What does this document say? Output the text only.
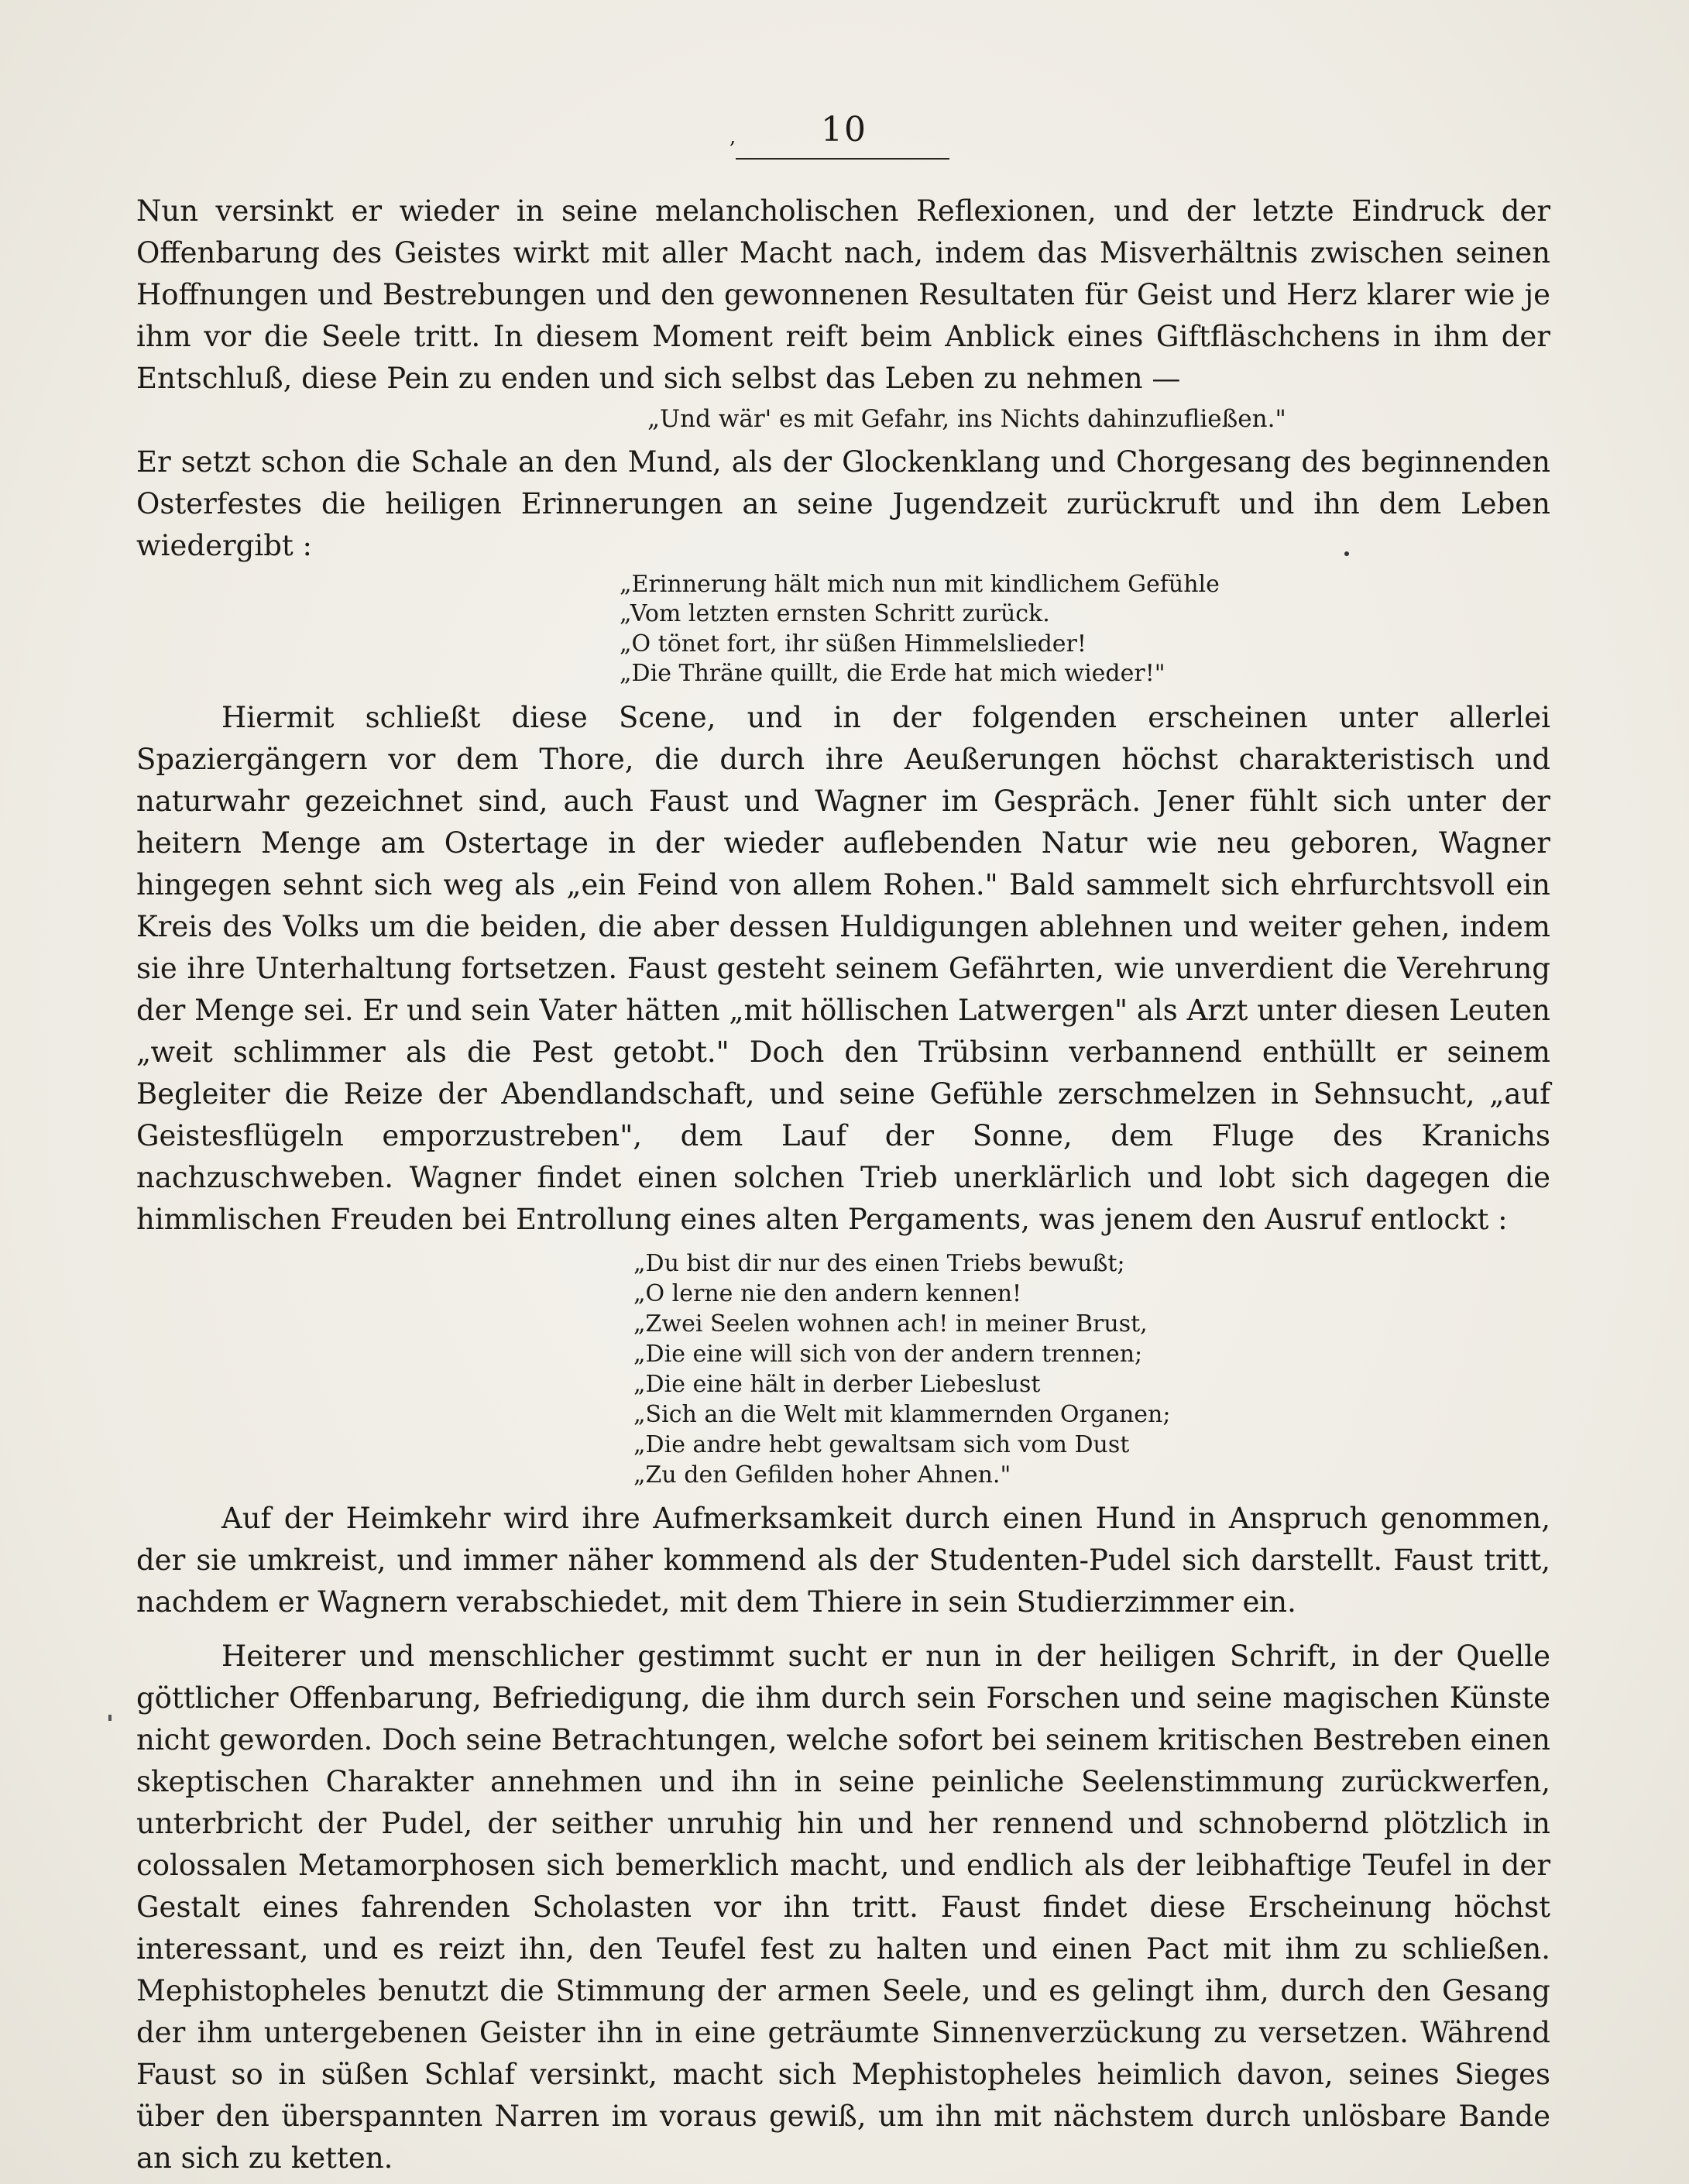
,	10

Nun versinkt er wieder in seine melancholischen Reflexionen, und der letzte Eindruck der Offenbarung des Geistes wirkt mit aller Macht nach, indem das Misverhältnis zwischen seinen Hoffnungen und Bestrebungen und den gewonnenen Resultaten für Geist und Herz klarer wie je ihm vor die Seele tritt. In diesem Moment reift beim Anblick eines Giftfläschchens in ihm der Entschluß, diese Pein zu enden und sich selbst das Leben zu nehmen —

„Und wär' es mit Gefahr, ins Nichts dahinzufließen."

Er setzt schon die Schale an den Mund, als der Glockenklang und Chorgesang des beginnenden Osterfestes die heiligen Erinnerungen an seine Jugendzeit zurückruft und ihn dem Leben wiedergibt :

„Erinnerung hält mich nun mit kindlichem Gefühle
„Vom letzten ernsten Schritt zurück.
„O tönet fort, ihr süßen Himmelslieder!
„Die Thräne quillt, die Erde hat mich wieder!"

Hiermit schließt diese Scene, und in der folgenden erscheinen unter allerlei Spaziergängern vor dem Thore, die durch ihre Aeußerungen höchst charakteristisch und naturwahr gezeichnet sind, auch Faust und Wagner im Gespräch. Jener fühlt sich unter der heitern Menge am Ostertage in der wieder auflebenden Natur wie neu geboren, Wagner hingegen sehnt sich weg als „ein Feind von allem Rohen." Bald sammelt sich ehrfurchtsvoll ein Kreis des Volks um die beiden, die aber dessen Huldigungen ablehnen und weiter gehen, indem sie ihre Unterhaltung fortsetzen. Faust gesteht seinem Gefährten, wie unverdient die Verehrung der Menge sei. Er und sein Vater hätten „mit höllischen Latwergen" als Arzt unter diesen Leuten „weit schlimmer als die Pest getobt." Doch den Trübsinn verbannend enthüllt er seinem Begleiter die Reize der Abendlandschaft, und seine Gefühle zerschmelzen in Sehnsucht, „auf Geistesflügeln emporzustreben", dem Lauf der Sonne, dem Fluge des Kranichs nachzuschweben. Wagner findet einen solchen Trieb unerklärlich und lobt sich dagegen die himmlischen Freuden bei Entrollung eines alten Pergaments, was jenem den Ausruf entlockt :

„Du bist dir nur des einen Triebs bewußt;
„O lerne nie den andern kennen!
„Zwei Seelen wohnen ach! in meiner Brust,
„Die eine will sich von der andern trennen;
„Die eine hält in derber Liebeslust
„Sich an die Welt mit klammernden Organen;
„Die andre hebt gewaltsam sich vom Dust
„Zu den Gefilden hoher Ahnen."

Auf der Heimkehr wird ihre Aufmerksamkeit durch einen Hund in Anspruch genommen, der sie umkreist, und immer näher kommend als der Studenten-Pudel sich darstellt. Faust tritt, nachdem er Wagnern verabschiedet, mit dem Thiere in sein Studierzimmer ein.

Heiterer und menschlicher gestimmt sucht er nun in der heiligen Schrift, in der Quelle göttlicher Offenbarung, Befriedigung, die ihm durch sein Forschen und seine magischen Künste nicht geworden. Doch seine Betrachtungen, welche sofort bei seinem kritischen Bestreben einen skeptischen Charakter annehmen und ihn in seine peinliche Seelenstimmung zurückwerfen, unterbricht der Pudel, der seither unruhig hin und her rennend und schnobernd plötzlich in colossalen Metamorphosen sich bemerklich macht, und endlich als der leibhaftige Teufel in der Gestalt eines fahrenden Scholasten vor ihn tritt. Faust findet diese Erscheinung höchst interessant, und es reizt ihn, den Teufel fest zu halten und einen Pact mit ihm zu schließen. Mephistopheles benutzt die Stimmung der armen Seele, und es gelingt ihm, durch den Gesang der ihm untergebenen Geister ihn in eine geträumte Sinnenverzückung zu versetzen. Während Faust so in süßen Schlaf versinkt, macht sich Mephistopheles heimlich davon, seines Sieges über den überspannten Narren im voraus gewiß, um ihn mit nächstem durch unlösbare Bande an sich zu ketten.
